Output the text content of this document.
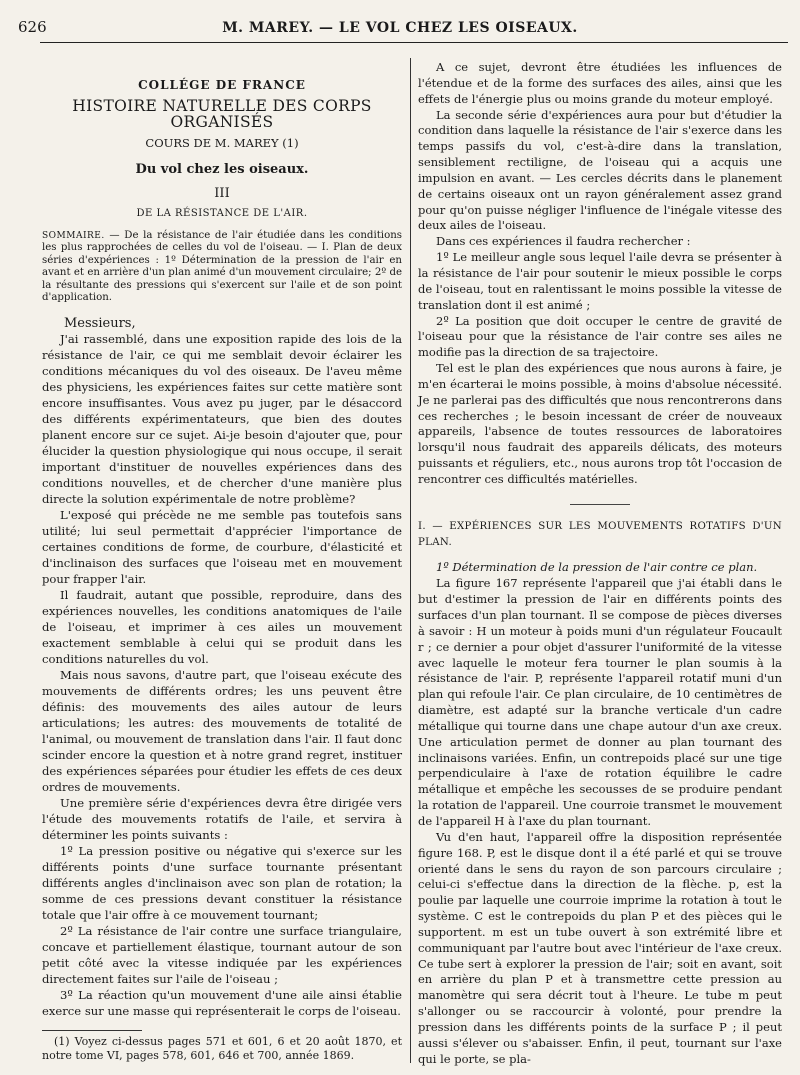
626	M. MAREY. — LE VOL CHEZ LES OISEAUX.
COLLÉGE DE FRANCE
HISTOIRE NATURELLE DES CORPS ORGANISÉS
COURS DE M. MAREY (1)
Du vol chez les oiseaux.
III
DE LA RÉSISTANCE DE L'AIR.
SOMMAIRE. — De la résistance de l'air étudiée dans les conditions les plus rapprochées de celles du vol de l'oiseau. — I. Plan de deux séries d'expériences : 1º Détermination de la pression de l'air en avant et en arrière d'un plan animé d'un mouvement circulaire; 2º de la résultante des pressions qui s'exercent sur l'aile et de son point d'application.
Messieurs,

J'ai rassemblé, dans une exposition rapide des lois de la résistance de l'air, ce qui me semblait devoir éclairer les conditions mécaniques du vol des oiseaux. De l'aveu même des physiciens, les expériences faites sur cette matière sont encore insuffisantes. Vous avez pu juger, par le désaccord des différents expérimentateurs, que bien des doutes planent encore sur ce sujet. Ai-je besoin d'ajouter que, pour élucider la question physiologique qui nous occupe, il serait important d'instituer de nouvelles expériences dans des conditions nouvelles, et de chercher d'une manière plus directe la solution expérimentale de notre problème?

L'exposé qui précède ne me semble pas toutefois sans utilité; lui seul permettait d'apprécier l'importance de certaines conditions de forme, de courbure, d'élasticité et d'inclinaison des surfaces que l'oiseau met en mouvement pour frapper l'air.

Il faudrait, autant que possible, reproduire, dans des expériences nouvelles, les conditions anatomiques de l'aile de l'oiseau, et imprimer à ces ailes un mouvement exactement semblable à celui qui se produit dans les conditions naturelles du vol.

Mais nous savons, d'autre part, que l'oiseau exécute des mouvements de différents ordres; les uns peuvent être définis: des mouvements des ailes autour de leurs articulations; les autres: des mouvements de totalité de l'animal, ou mouvement de translation dans l'air. Il faut donc scinder encore la question et à notre grand regret, instituer des expériences séparées pour étudier les effets de ces deux ordres de mouvements.

Une première série d'expériences devra être dirigée vers l'étude des mouvements rotatifs de l'aile, et servira à déterminer les points suivants :

1º La pression positive ou négative qui s'exerce sur les différents points d'une surface tournante présentant différents angles d'inclinaison avec son plan de rotation; la somme de ces pressions devant constituer la résistance totale que l'air offre à ce mouvement tournant;

2º La résistance de l'air contre une surface triangulaire, concave et partiellement élastique, tournant autour de son petit côté avec la vitesse indiquée par les expériences directement faites sur l'aile de l'oiseau ;

3º La réaction qu'un mouvement d'une aile ainsi établie exerce sur une masse qui représenterait le corps de l'oiseau.

(1) Voyez ci-dessus pages 571 et 601, 6 et 20 août 1870, et notre tome VI, pages 578, 601, 646 et 700, année 1869.

A ce sujet, devront être étudiées les influences de l'étendue et de la forme des surfaces des ailes, ainsi que les effets de l'énergie plus ou moins grande du moteur employé.

La seconde série d'expériences aura pour but d'étudier la condition dans laquelle la résistance de l'air s'exerce dans les temps passifs du vol, c'est-à-dire dans la translation, sensiblement rectiligne, de l'oiseau qui a acquis une impulsion en avant. — Les cercles décrits dans le planement de certains oiseaux ont un rayon généralement assez grand pour qu'on puisse négliger l'influence de l'inégale vitesse des deux ailes de l'oiseau.

Dans ces expériences il faudra rechercher :

1º Le meilleur angle sous lequel l'aile devra se présenter à la résistance de l'air pour soutenir le mieux possible le corps de l'oiseau, tout en ralentissant le moins possible la vitesse de translation dont il est animé ;

2º La position que doit occuper le centre de gravité de l'oiseau pour que la résistance de l'air contre ses ailes ne modifie pas la direction de sa trajectoire.

Tel est le plan des expériences que nous aurons à faire, je m'en écarterai le moins possible, à moins d'absolue nécessité. Je ne parlerai pas des difficultés que nous rencontrerons dans ces recherches ; le besoin incessant de créer de nouveaux appareils, l'absence de toutes ressources de laboratoires lorsqu'il nous faudrait des appareils délicats, des moteurs puissants et réguliers, etc., nous aurons trop tôt l'occasion de rencontrer ces difficultés matérielles.

I. — EXPÉRIENCES SUR LES MOUVEMENTS ROTATIFS D'UN PLAN.

1º Détermination de la pression de l'air contre ce plan.

La figure 167 représente l'appareil que j'ai établi dans le but d'estimer la pression de l'air en différents points des surfaces d'un plan tournant. Il se compose de pièces diverses à savoir : H un moteur à poids muni d'un régulateur Foucault r ; ce dernier a pour objet d'assurer l'uniformité de la vitesse avec laquelle le moteur fera tourner le plan soumis à la résistance de l'air. P, représente l'appareil rotatif muni d'un plan qui refoule l'air. Ce plan circulaire, de 10 centimètres de diamètre, est adapté sur la branche verticale d'un cadre métallique qui tourne dans une chape autour d'un axe creux. Une articulation permet de donner au plan tournant des inclinaisons variées. Enfin, un contrepoids placé sur une tige perpendiculaire à l'axe de rotation équilibre le cadre métallique et empêche les secousses de se produire pendant la rotation de l'appareil. Une courroie transmet le mouvement de l'appareil H à l'axe du plan tournant.

Vu d'en haut, l'appareil offre la disposition représentée figure 168. P, est le disque dont il a été parlé et qui se trouve orienté dans le sens du rayon de son parcours circulaire ; celui-ci s'effectue dans la direction de la flèche. p, est la poulie par laquelle une courroie imprime la rotation à tout le système. C est le contrepoids du plan P et des pièces qui le supportent. m est un tube ouvert à son extrémité libre et communiquant par l'autre bout avec l'intérieur de l'axe creux. Ce tube sert à explorer la pression de l'air; soit en avant, soit en arrière du plan P et à transmettre cette pression au manomètre qui sera décrit tout à l'heure. Le tube m peut s'allonger ou se raccourcir à volonté, pour prendre la pression dans les différents points de la surface P ; il peut aussi s'élever ou s'abaisser. Enfin, il peut, tournant sur l'axe qui le porte, se pla-
